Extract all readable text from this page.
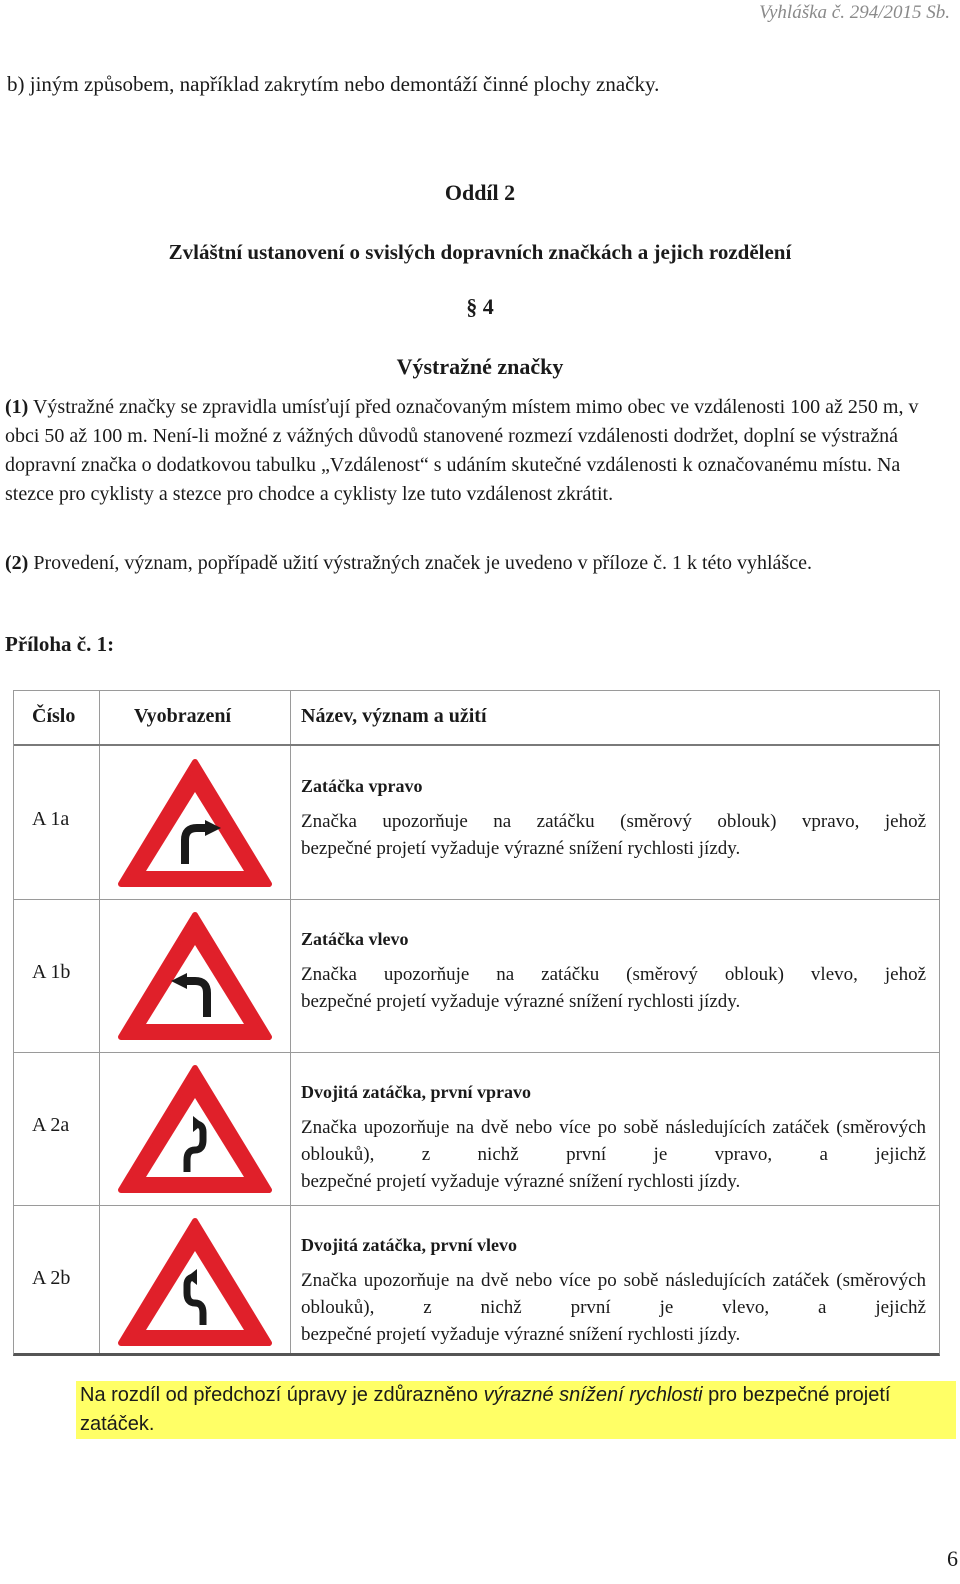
Vyhláška č. 294/2015 Sb.
b) jiným způsobem, například zakrytím nebo demontáží činné plochy značky.
Oddíl 2
Zvláštní ustanovení o svislých dopravních značkách a jejich rozdělení
§ 4
Výstražné značky
(1) Výstražné značky se zpravidla umísťují před označovaným místem mimo obec ve vzdálenosti 100 až 250 m, v obci 50 až 100 m. Není-li možné z vážných důvodů stanovené rozmezí vzdálenosti dodržet, doplní se výstražná dopravní značka o dodatkovou tabulku „Vzdálenost“ s udáním skutečné vzdálenosti k označovanému místu. Na stezce pro cyklisty a stezce pro chodce a cyklisty lze tuto vzdálenost zkrátit.
(2) Provedení, význam, popřípadě užití výstražných značek je uvedeno v příloze č. 1 k této vyhlášce.
Příloha č. 1:
Číslo	Vyobrazení	Název, význam a užití
A 1a
Zatáčka vpravo
Značka upozorňuje na zatáčku (směrový oblouk) vpravo, jehož
bezpečné projetí vyžaduje výrazné snížení rychlosti jízdy.
A 1b
Zatáčka vlevo
Značka upozorňuje na zatáčku (směrový oblouk) vlevo, jehož
bezpečné projetí vyžaduje výrazné snížení rychlosti jízdy.
A 2a
Dvojitá zatáčka, první vpravo
Značka upozorňuje na dvě nebo více po sobě následujících zatáček (směrových oblouků), z nichž první je vpravo, a jejichž
bezpečné projetí vyžaduje výrazné snížení rychlosti jízdy.
A 2b
Dvojitá zatáčka, první vlevo
Značka upozorňuje na dvě nebo více po sobě následujících zatáček (směrových oblouků), z nichž první je vlevo, a jejichž
bezpečné projetí vyžaduje výrazné snížení rychlosti jízdy.
Na rozdíl od předchozí úpravy je zdůrazněno výrazné snížení rychlosti pro bezpečné projetí zatáček.
6
